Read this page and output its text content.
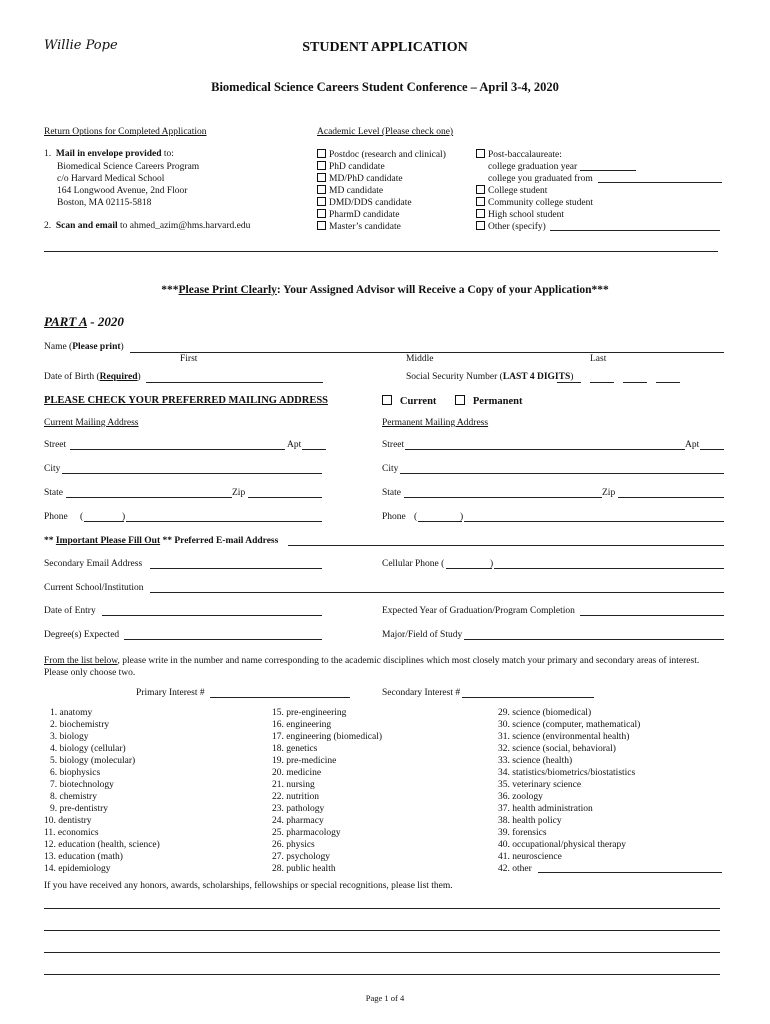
Willie Pope	STUDENT APPLICATION
Biomedical Science Careers Student Conference – April 3-4, 2020
Return Options for Completed Application
1. Mail in envelope provided to:
Biomedical Science Careers Program
c/o Harvard Medical School
164 Longwood Avenue, 2nd Floor
Boston, MA 02115-5818
2. Scan and email to ahmed_azim@hms.harvard.edu
Academic Level (Please check one)
Postdoc (research and clinical)
PhD candidate
MD/PhD candidate
MD candidate
DMD/DDS candidate
PharmD candidate
Master’s candidate
Post-baccalaureate:
college graduation year
college you graduated from
College student
Community college student
High school student
Other (specify)
***Please Print Clearly: Your Assigned Advisor will Receive a Copy of your Application***
PART A - 2020
Name (Please print)
First	Middle	Last
Date of Birth (Required)	Social Security Number (LAST 4 DIGITS)
PLEASE CHECK YOUR PREFERRED MAILING ADDRESS	Current	Permanent
Current Mailing Address
Street	Apt
City
State	Zip
Phone (	)
Permanent Mailing Address
Street	Apt
City
State	Zip
Phone (	)
** Important Please Fill Out ** Preferred E-mail Address
Secondary Email Address	Cellular Phone (	)
Current School/Institution
Date of Entry	Expected Year of Graduation/Program Completion
Degree(s) Expected	Major/Field of Study
From the list below, please write in the number and name corresponding to the academic disciplines which most closely match your primary and secondary areas of interest.
Please only choose two.
Primary Interest #	Secondary Interest #
1. anatomy
2. biochemistry
3. biology
4. biology (cellular)
5. biology (molecular)
6. biophysics
7. biotechnology
8. chemistry
9. pre-dentistry
10. dentistry
11. economics
12. education (health, science)
13. education (math)
14. epidemiology
15. pre-engineering
16. engineering
17. engineering (biomedical)
18. genetics
19. pre-medicine
20. medicine
21. nursing
22. nutrition
23. pathology
24. pharmacy
25. pharmacology
26. physics
27. psychology
28. public health
29. science (biomedical)
30. science (computer, mathematical)
31. science (environmental health)
32. science (social, behavioral)
33. science (health)
34. statistics/biometrics/biostatistics
35. veterinary science
36. zoology
37. health administration
38. health policy
39. forensics
40. occupational/physical therapy
41. neuroscience
42. other
If you have received any honors, awards, scholarships, fellowships or special recognitions, please list them.
Page 1 of 4
